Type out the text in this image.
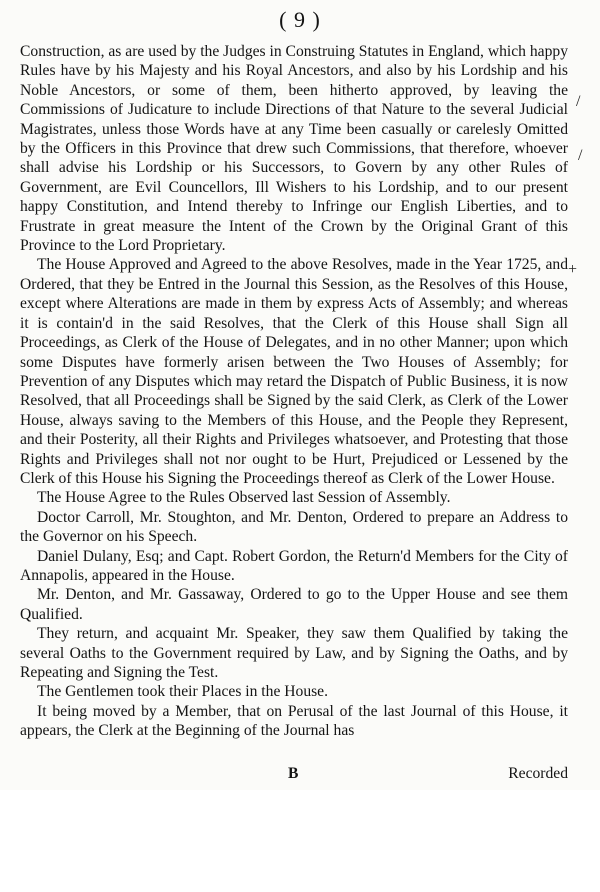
( 9 )

Construction, as are used by the Judges in Construing Statutes in England, which happy Rules have by his Majesty and his Royal Ancestors, and also by his Lordship and his Noble Ancestors, or some of them, been hitherto approved, by leaving the Commissions of Judicature to include Directions of that Nature to the several Judicial Magistrates, unless those Words have at any Time been casually or carelesly Omitted by the Officers in this Province that drew such Commissions, that therefore, whoever shall advise his Lordship or his Successors, to Govern by any other Rules of Government, are Evil Councellors, Ill Wishers to his Lordship, and to our present happy Constitution, and Intend thereby to Infringe our English Liberties, and to Frustrate in great measure the Intent of the Crown by the Original Grant of this Province to the Lord Proprietary.

The House Approved and Agreed to the above Resolves, made in the Year 1725, and Ordered, that they be Entred in the Journal this Session, as the Resolves of this House, except where Alterations are made in them by express Acts of Assembly; and whereas it is contain'd in the said Resolves, that the Clerk of this House shall Sign all Proceedings, as Clerk of the House of Delegates, and in no other Manner; upon which some Disputes have formerly arisen between the Two Houses of Assembly; for Prevention of any Disputes which may retard the Dispatch of Public Business, it is now Resolved, that all Proceedings shall be Signed by the said Clerk, as Clerk of the Lower House, always saving to the Members of this House, and the People they Represent, and their Posterity, all their Rights and Privileges whatsoever, and Protesting that those Rights and Privileges shall not nor ought to be Hurt, Prejudiced or Lessened by the Clerk of this House his Signing the Proceedings thereof as Clerk of the Lower House.

The House Agree to the Rules Observed last Session of Assembly.

Doctor Carroll, Mr. Stoughton, and Mr. Denton, Ordered to prepare an Address to the Governor on his Speech.

Daniel Dulany, Esq; and Capt. Robert Gordon, the Return'd Members for the City of Annapolis, appeared in the House.

Mr. Denton, and Mr. Gassaway, Ordered to go to the Upper House and see them Qualified.

They return, and acquaint Mr. Speaker, they saw them Qualified by taking the several Oaths to the Government required by Law, and by Signing the Oaths, and by Repeating and Signing the Test.

The Gentlemen took their Places in the House.

It being moved by a Member, that on Perusal of the last Journal of this House, it appears, the Clerk at the Beginning of the Journal has

B	Recorded
/
/
+
